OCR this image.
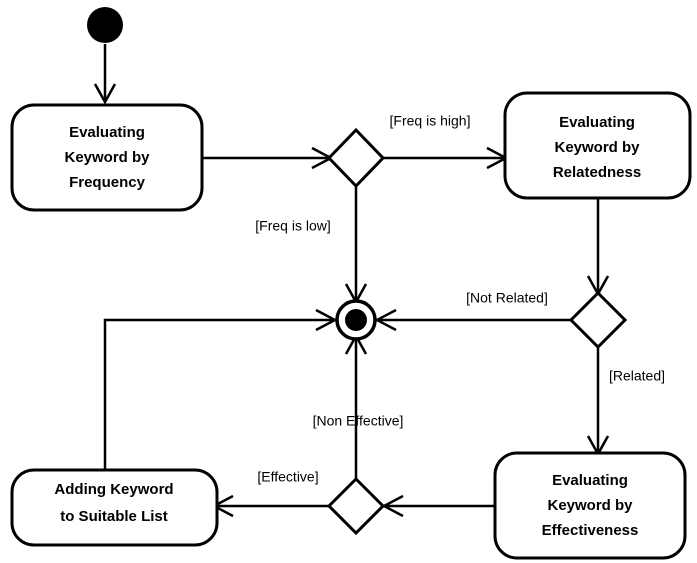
Evaluating
Keyword by
Frequency
Evaluating
Keyword by
Relatedness
Evaluating
Keyword by
Effectiveness
Adding Keyword
to Suitable List
[Freq is high]
[Freq is low]
[Not Related]
[Related]
[Non Effective]
[Effective]
